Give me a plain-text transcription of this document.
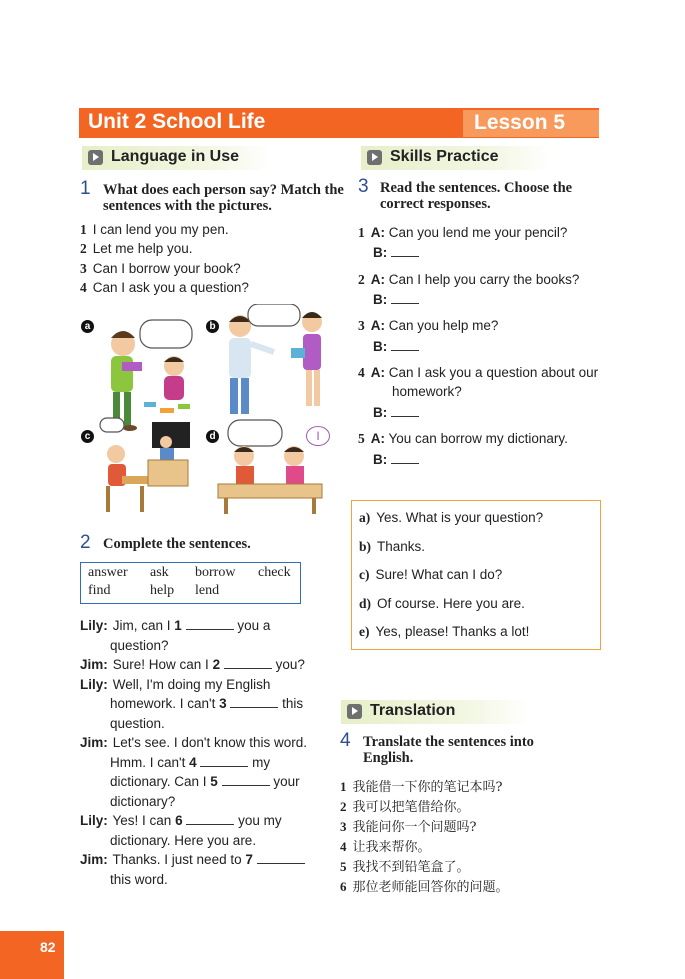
Unit 2 School Life	Lesson 5
Language in Use	Skills Practice
Translation
1 What does each person say? Match the sentences with the pictures.
1 I can lend you my pen.
2 Let me help you.
3 Can I borrow your book?
4 Can I ask you a question?
I
a	b
c	d
2 Complete the sentences.
answer ask borrow check
find	help lend
Lily: Jim, can I 1	you a
question?
Jim: Sure! How can I 2	you?
Lily: Well, I'm doing my English
homework. I can't 3	this
question.
Jim: Let's see. I don't know this word.
Hmm. I can't 4	my
dictionary. Can I 5	your
dictionary?
Lily: Yes! I can 6	you my
dictionary. Here you are.
Jim: Thanks. I just need to 7
this word.
3 Read the sentences. Choose the correct responses.
1 A: Can you lend me your pencil?
B:
2 A: Can I help you carry the books?
B:
3 A: Can you help me?
B:
4 A: Can I ask you a question about our
homework?
B:
5 A: You can borrow my dictionary.
B:
a) Yes. What is your question?
b) Thanks.
c) Sure! What can I do?
d) Of course. Here you are.
e) Yes, please! Thanks a lot!
4 Translate the sentences into English.
1 我能借一下你的笔记本吗?
2 我可以把笔借给你。
3 我能问你一个问题吗?
4 让我来帮你。
5 我找不到铅笔盒了。
6 那位老师能回答你的问题。
82
